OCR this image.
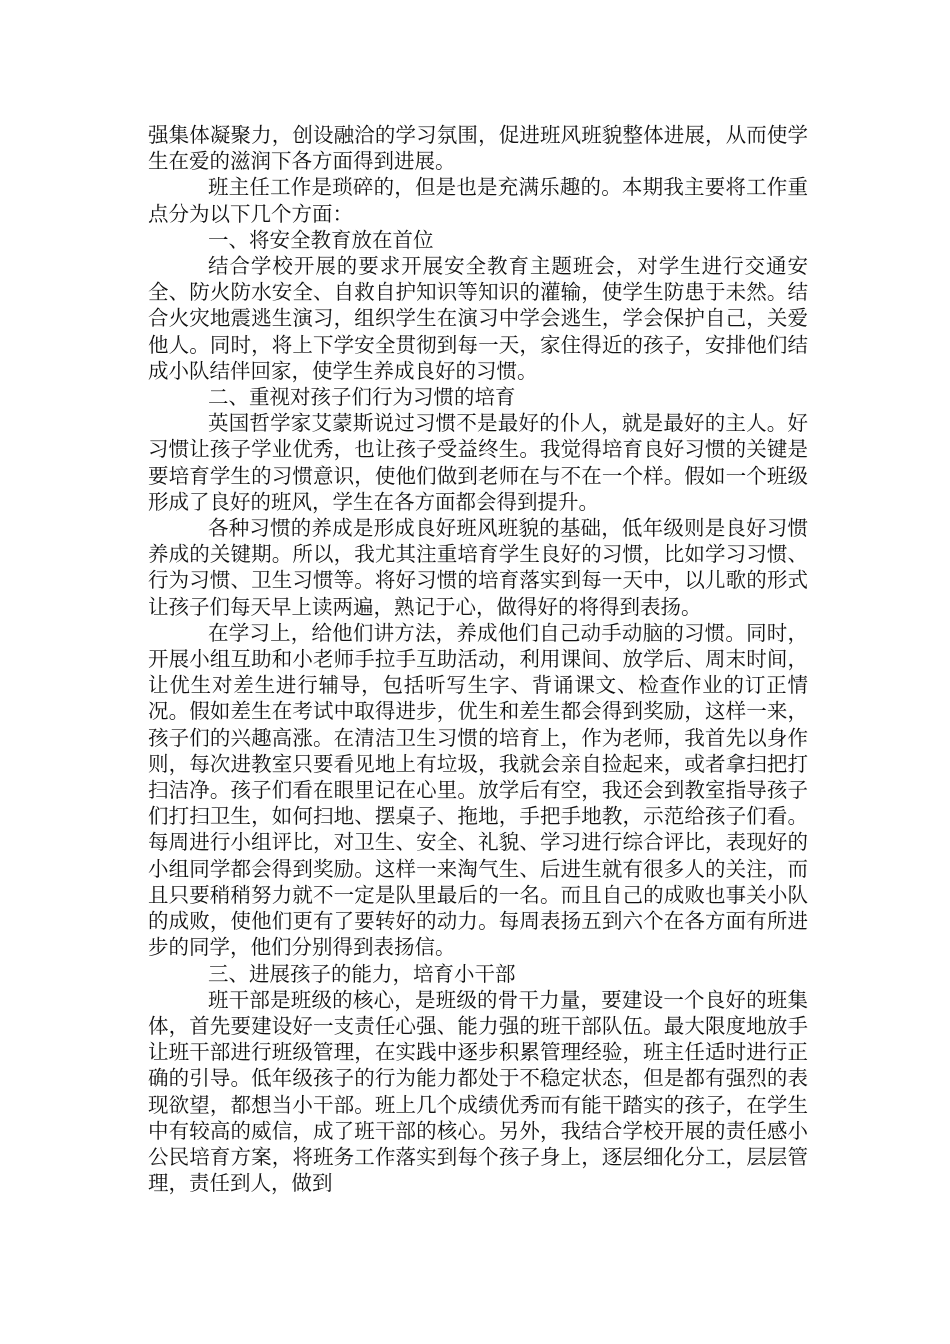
强集体凝聚力，创设融洽的学习氛围，促进班风班貌整体进展，从而使学生在爱的滋润下各方面得到进展。

班主任工作是琐碎的，但是也是充满乐趣的。本期我主要将工作重点分为以下几个方面：

一、将安全教育放在首位

结合学校开展的要求开展安全教育主题班会，对学生进行交通安全、防火防水安全、自救自护知识等知识的灌输，使学生防患于未然。结合火灾地震逃生演习，组织学生在演习中学会逃生，学会保护自己，关爱他人。同时，将上下学安全贯彻到每一天，家住得近的孩子，安排他们结成小队结伴回家，使学生养成良好的习惯。

二、重视对孩子们行为习惯的培育

英国哲学家艾蒙斯说过习惯不是最好的仆人，就是最好的主人。好习惯让孩子学业优秀，也让孩子受益终生。我觉得培育良好习惯的关键是要培育学生的习惯意识，使他们做到老师在与不在一个样。假如一个班级形成了良好的班风，学生在各方面都会得到提升。

各种习惯的养成是形成良好班风班貌的基础，低年级则是良好习惯养成的关键期。所以，我尤其注重培育学生良好的习惯，比如学习习惯、行为习惯、卫生习惯等。将好习惯的培育落实到每一天中，以儿歌的形式让孩子们每天早上读两遍，熟记于心，做得好的将得到表扬。

在学习上，给他们讲方法，养成他们自己动手动脑的习惯。同时，开展小组互助和小老师手拉手互助活动，利用课间、放学后、周末时间，让优生对差生进行辅导，包括听写生字、背诵课文、检查作业的订正情况。假如差生在考试中取得进步，优生和差生都会得到奖励，这样一来，孩子们的兴趣高涨。在清洁卫生习惯的培育上，作为老师，我首先以身作则，每次进教室只要看见地上有垃圾，我就会亲自捡起来，或者拿扫把打扫洁净。孩子们看在眼里记在心里。放学后有空，我还会到教室指导孩子们打扫卫生，如何扫地、摆桌子、拖地，手把手地教，示范给孩子们看。每周进行小组评比，对卫生、安全、礼貌、学习进行综合评比，表现好的小组同学都会得到奖励。这样一来淘气生、后进生就有很多人的关注，而且只要稍稍努力就不一定是队里最后的一名。而且自己的成败也事关小队的成败，使他们更有了要转好的动力。每周表扬五到六个在各方面有所进步的同学，他们分别得到表扬信。

三、进展孩子的能力，培育小干部

班干部是班级的核心，是班级的骨干力量，要建设一个良好的班集体，首先要建设好一支责任心强、能力强的班干部队伍。最大限度地放手让班干部进行班级管理，在实践中逐步积累管理经验，班主任适时进行正确的引导。低年级孩子的行为能力都处于不稳定状态，但是都有强烈的表现欲望，都想当小干部。班上几个成绩优秀而有能干踏实的孩子，在学生中有较高的威信，成了班干部的核心。另外，我结合学校开展的责任感小公民培育方案，将班务工作落实到每个孩子身上，逐层细化分工，层层管理，责任到人，做到
